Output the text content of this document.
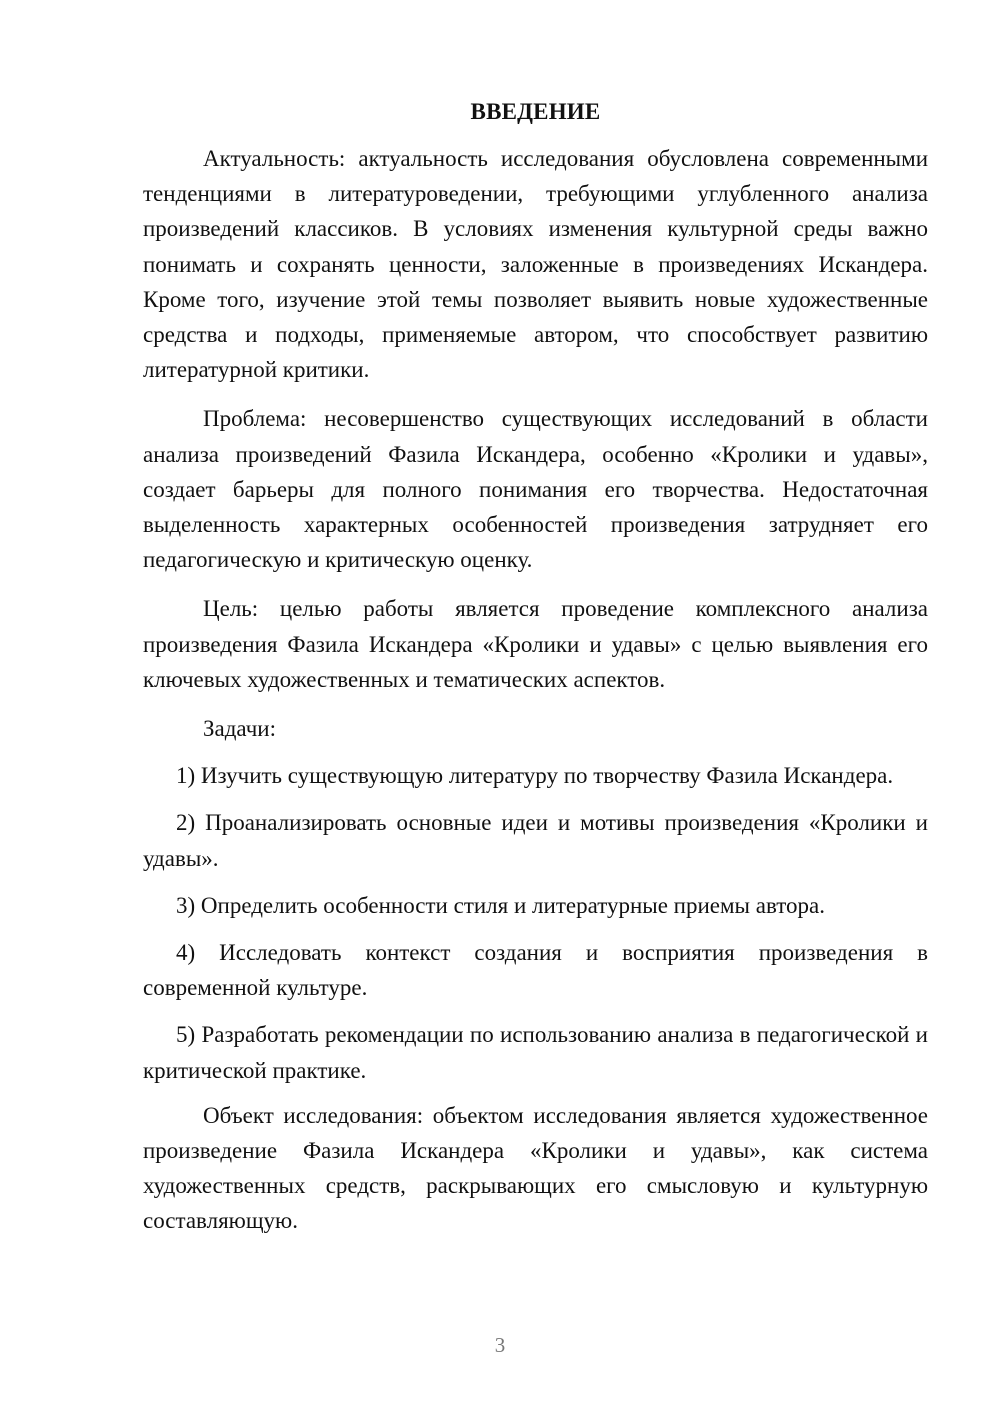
ВВЕДЕНИЕ

Актуальность: актуальность исследования обусловлена современными тенденциями в литературоведении, требующими углубленного анализа произведений классиков. В условиях изменения культурной среды важно понимать и сохранять ценности, заложенные в произведениях Искандера. Кроме того, изучение этой темы позволяет выявить новые художественные средства и подходы, применяемые автором, что способствует развитию литературной критики.

Проблема: несовершенство существующих исследований в области анализа произведений Фазила Искандера, особенно «Кролики и удавы», создает барьеры для полного понимания его творчества. Недостаточная выделенность характерных особенностей произведения затрудняет его педагогическую и критическую оценку.

Цель: целью работы является проведение комплексного анализа произведения Фазила Искандера «Кролики и удавы» с целью выявления его ключевых художественных и тематических аспектов.

Задачи:

1) Изучить существующую литературу по творчеству Фазила Искандера.

2) Проанализировать основные идеи и мотивы произведения «Кролики и удавы».

3) Определить особенности стиля и литературные приемы автора.

4) Исследовать контекст создания и восприятия произведения в современной культуре.

5) Разработать рекомендации по использованию анализа в педагогической и критической практике.

Объект исследования: объектом исследования является художественное произведение Фазила Искандера «Кролики и удавы», как система художественных средств, раскрывающих его смысловую и культурную составляющую.

3
